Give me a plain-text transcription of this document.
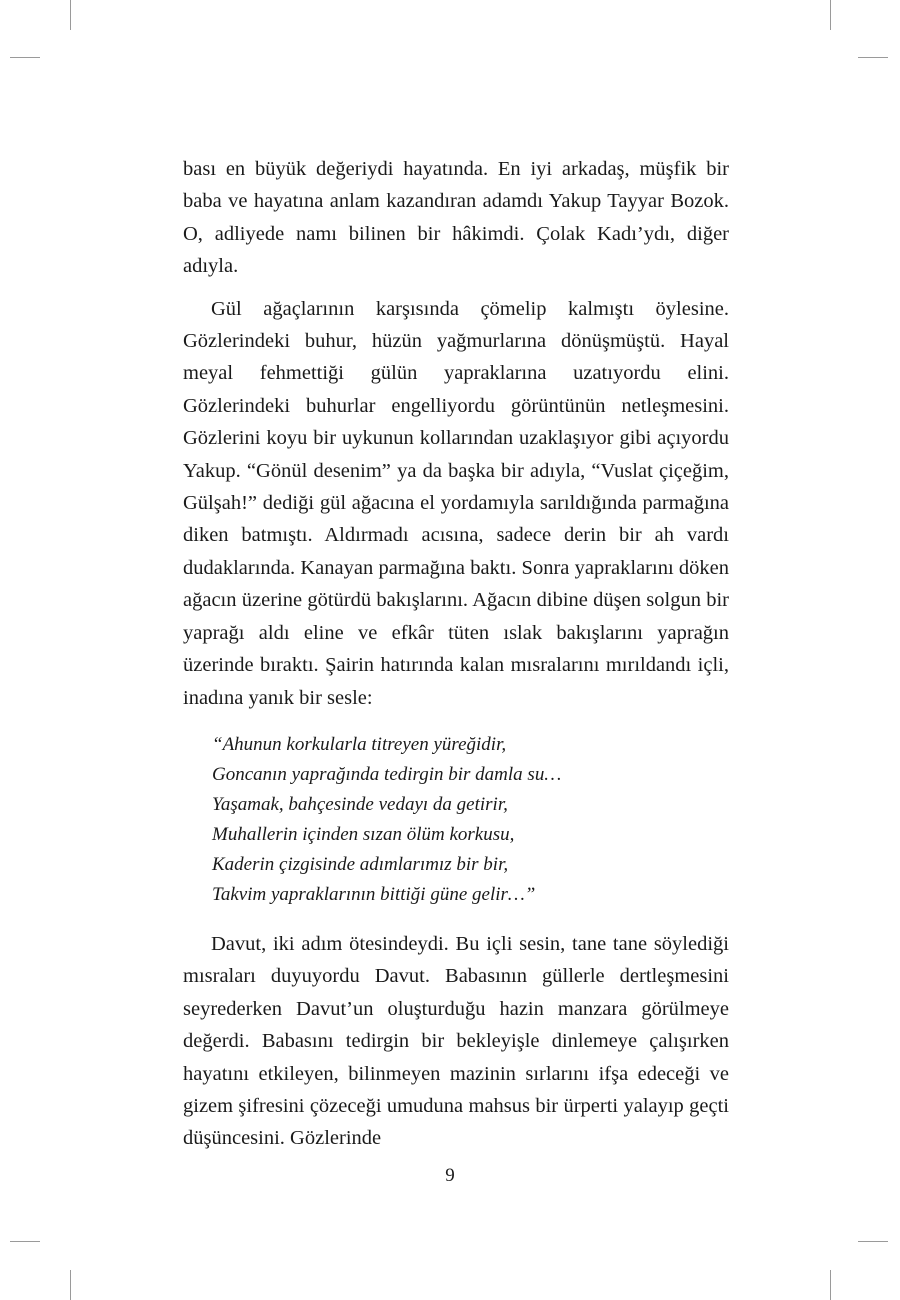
bası en büyük değeriydi hayatında. En iyi arkadaş, müşfik bir baba ve hayatına anlam kazandıran adamdı Yakup Tayyar Bozok. O, adliyede namı bilinen bir hâkimdi. Çolak Kadı’ydı, diğer adıyla.

Gül ağaçlarının karşısında çömelip kalmıştı öylesine. Gözlerindeki buhur, hüzün yağmurlarına dönüşmüştü. Hayal meyal fehmettiği gülün yapraklarına uzatıyordu elini. Gözlerindeki buhurlar engelliyordu görüntünün netleşmesini. Gözlerini koyu bir uykunun kollarından uzaklaşıyor gibi açıyordu Yakup. “Gönül desenim” ya da başka bir adıyla, “Vuslat çiçeğim, Gülşah!” dediği gül ağacına el yordamıyla sarıldığında parmağına diken batmıştı. Aldırmadı acısına, sadece derin bir ah vardı dudaklarında. Kanayan parmağına baktı. Sonra yapraklarını döken ağacın üzerine götürdü bakışlarını. Ağacın dibine düşen solgun bir yaprağı aldı eline ve efkâr tüten ıslak bakışlarını yaprağın üzerinde bıraktı. Şairin hatırında kalan mısralarını mırıldandı içli, inadına yanık bir sesle:

“Ahunun korkularla titreyen yüreğidir,
Goncanın yaprağında tedirgin bir damla su…
Yaşamak, bahçesinde vedayı da getirir,
Muhallerin içinden sızan ölüm korkusu,
Kaderin çizgisinde adımlarımız bir bir,
Takvim yapraklarının bittiği güne gelir…”

Davut, iki adım ötesindeydi. Bu içli sesin, tane tane söylediği mısraları duyuyordu Davut. Babasının güllerle dertleşmesini seyrederken Davut’un oluşturduğu hazin manzara görülmeye değerdi. Babasını tedirgin bir bekleyişle dinlemeye çalışırken hayatını etkileyen, bilinmeyen mazinin sırlarını ifşa edeceği ve gizem şifresini çözeceği umuduna mahsus bir ürperti yalayıp geçti düşüncesini. Gözlerinde

9
